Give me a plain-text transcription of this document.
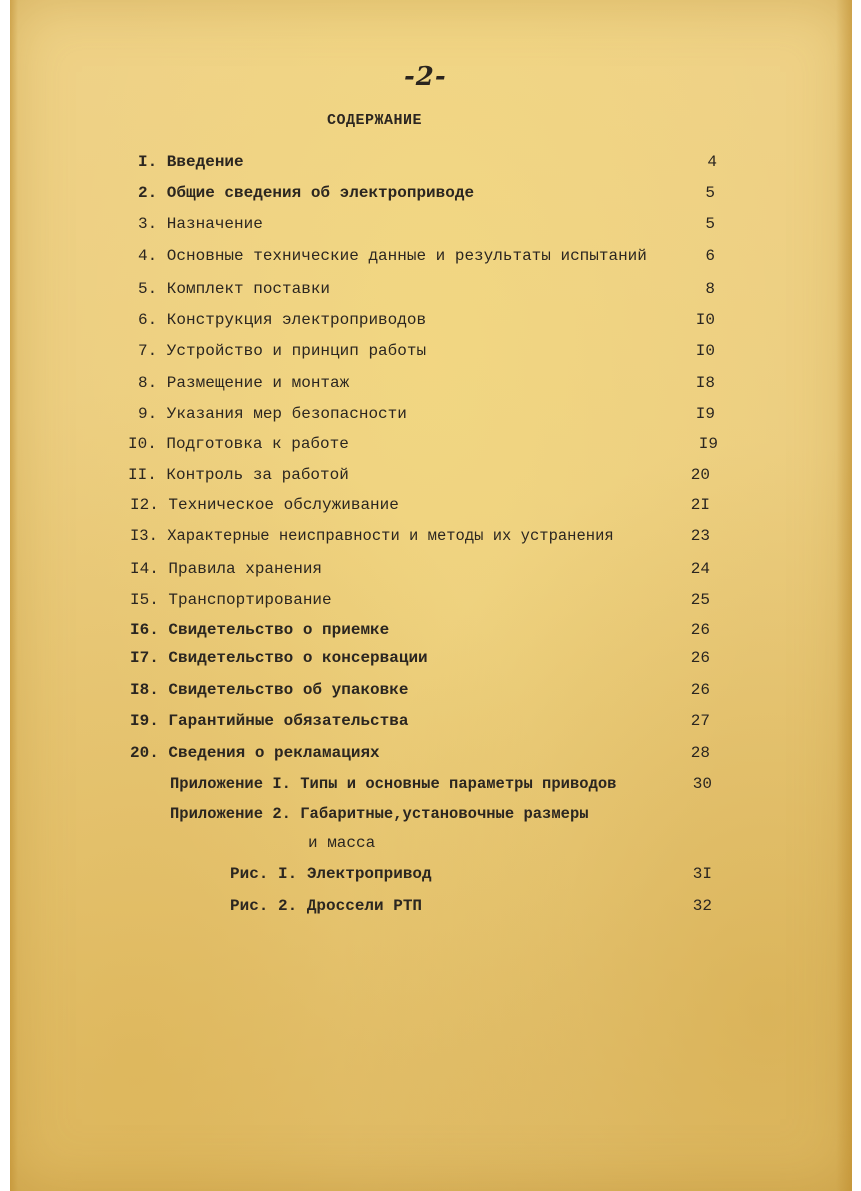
-2-
СОДЕРЖАНИЕ
I. Введение	4
2. Общие сведения об электроприводе	5
3. Назначение	5
4. Основные технические данные и результаты испытаний	6
5. Комплект поставки	8
6. Конструкция электроприводов	I0
7. Устройство и принцип работы	I0
8. Размещение и монтаж	I8
9. Указания мер безопасности	I9
I0. Подготовка к работе	I9
II. Контроль за работой	20
I2. Техническое обслуживание	2I
I3. Характерные неисправности и методы их устранения	23
I4. Правила хранения	24
I5. Транспортирование	25
I6. Свидетельство о приемке	26
I7. Свидетельство о консервации	26
I8. Свидетельство об упаковке	26
I9. Гарантийные обязательства	27
20. Сведения о рекламациях	28
Приложение I. Типы и основные параметры приводов	30
Приложение 2. Габаритные,установочные размеры
и масса
Рис. I. Электропривод	3I
Рис. 2. Дроссели РТП	32
